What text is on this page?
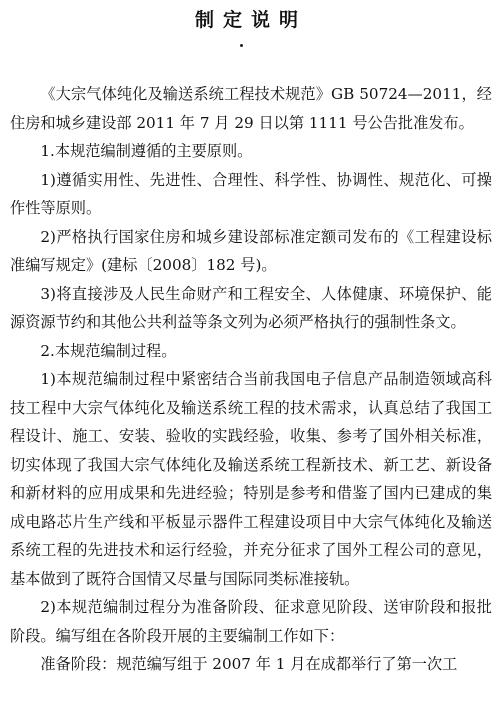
制定说明

《大宗气体纯化及输送系统工程技术规范》GB 50724—2011，经住房和城乡建设部 2011 年 7 月 29 日以第 1111 号公告批准发布。

1.本规范编制遵循的主要原则。

1)遵循实用性、先进性、合理性、科学性、协调性、规范化、可操作性等原则。

2)严格执行国家住房和城乡建设部标准定额司发布的《工程建设标准编写规定》(建标〔2008〕182 号)。

3)将直接涉及人民生命财产和工程安全、人体健康、环境保护、能源资源节约和其他公共利益等条文列为必须严格执行的强制性条文。

2.本规范编制过程。

1)本规范编制过程中紧密结合当前我国电子信息产品制造领域高科技工程中大宗气体纯化及输送系统工程的技术需求，认真总结了我国工程设计、施工、安装、验收的实践经验，收集、参考了国外相关标准，切实体现了我国大宗气体纯化及输送系统工程新技术、新工艺、新设备和新材料的应用成果和先进经验；特别是参考和借鉴了国内已建成的集成电路芯片生产线和平板显示器件工程建设项目中大宗气体纯化及输送系统工程的先进技术和运行经验，并充分征求了国外工程公司的意见，基本做到了既符合国情又尽量与国际同类标准接轨。

2)本规范编制过程分为准备阶段、征求意见阶段、送审阶段和报批阶段。编写组在各阶段开展的主要编制工作如下：

准备阶段：规范编写组于 2007 年 1 月在成都举行了第一次工
